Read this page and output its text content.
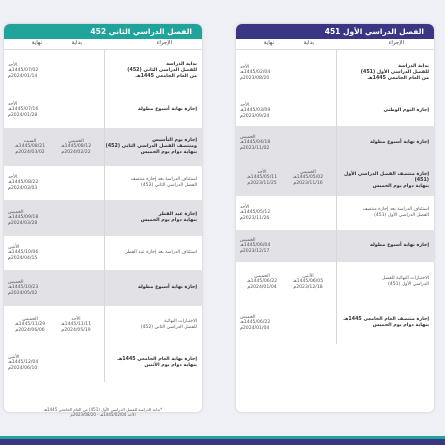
الفصل الدراسي الأول 451
الإجراء
بداية
نهاية
بداية الدراسة
للفصل الدراسي الأول (451)
من العام الجامعي 1445هـ
الأحد
1445/02/04هـ
2023/08/20م
إجازة اليوم الوطني
الأحد
1445/03/09هـ
2023/09/24م
إجازة نهاية أسبوع مطولة
الخميس
1445/04/18هـ
2023/11/02م
إجازة منتصف الفصل الدراسي الأول (451)
بنهاية دوام يوم الخميس
الأحد
1445/05/11هـ
2023/11/25م
الخميس
1445/05/02هـ
2023/11/16م
استئناف الدراسة بعد إجازة منتصف
الفصل الدراسي الأول (451)
الأحد
1445/05/12هـ
2023/11/26م
إجازة نهاية أسبوع مطولة
الخميس
1445/06/04هـ
2023/12/17م
الاختبارات النهائية للفصل
الدراسي الأول (451)
الخميس
1445/06/22هـ
2024/01/04م
الأثنين
1445/06/05هـ
2023/12/18م
إجازة منتصف العام الجامعي 1445هـ
بنهاية دوام يوم الخميس
الخميس
1445/06/22هـ
2024/01/04م
الفصل الدراسي الثاني 452
الإجراء
بداية
نهاية
بداية الدراسة
للفصل الدراسي الثاني (452)
من العام الجامعي 1445هـ
الأحد
1445/07/02هـ
2024/01/14م
إجازة نهاية أسبوع مطولة
الأحد
1445/07/16هـ
2024/01/28م
إجازة يوم التأسيس
ومنتصف الفصل الدراسي الثاني (452)
بنهاية دوام يوم الخميس
السبت
1445/08/21هـ
2024/03/02م
الخميس
1445/08/12هـ
2024/02/22م
استئناف الدراسة بعد إجازة منتصف
الفصل الدراسي الثاني (452)
الأحد
1445/08/22هـ
2024/03/03م
إجازة عيد الفطر
بنهاية دوام يوم الخميس
الخميس
1445/09/18هـ
2024/03/28م
استئناف الدراسة بعد إجازة عيد الفطر
الأثنين
1445/10/06هـ
2024/04/15م
إجازة نهاية أسبوع مطولة
الخميس
1445/10/23هـ
2024/05/02م
الاختبارات النهائية
للفصل الدراسي الثاني (452)
الخميس
1445/11/29هـ
2024/06/06م
الأحد
1445/11/11هـ
2024/05/19م
إجازة نهاية العام الجامعي 1445هـ
بنهاية دوام يوم الأثنين
الأثنين
1445/12/04هـ
2024/06/10م
*بداية الدراسة للفصل الدراسي الأول (451) من العام الجامعي 1445هـ
الأحد 1445/02/04هـ - 2023/08/20م
